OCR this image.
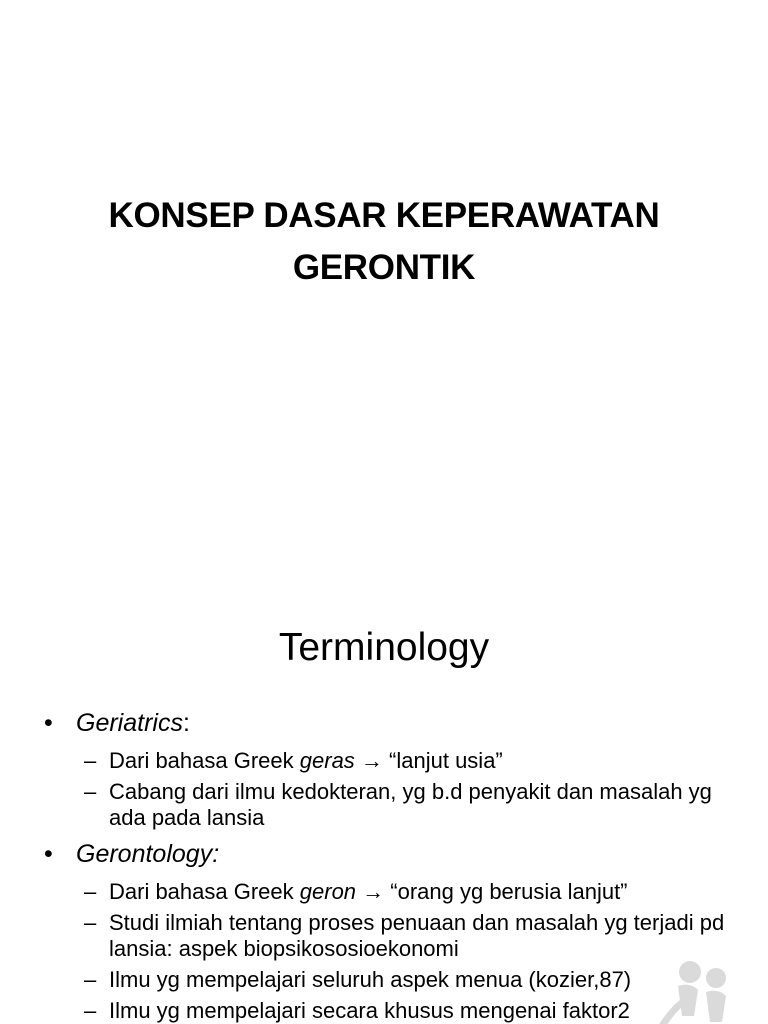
KONSEP DASAR KEPERAWATAN
GERONTIK
Terminology
• Geriatrics:
– Dari bahasa Greek geras → “lanjut usia”
– Cabang dari ilmu kedokteran, yg b.d penyakit dan masalah yg ada pada lansia
• Gerontology:
– Dari bahasa Greek geron → “orang yg berusia lanjut”
– Studi ilmiah tentang proses penuaan dan masalah yg terjadi pd lansia: aspek biopsikososioekonomi
– Ilmu yg mempelajari seluruh aspek menua (kozier,87)
– Ilmu yg mempelajari secara khusus mengenai faktor2
